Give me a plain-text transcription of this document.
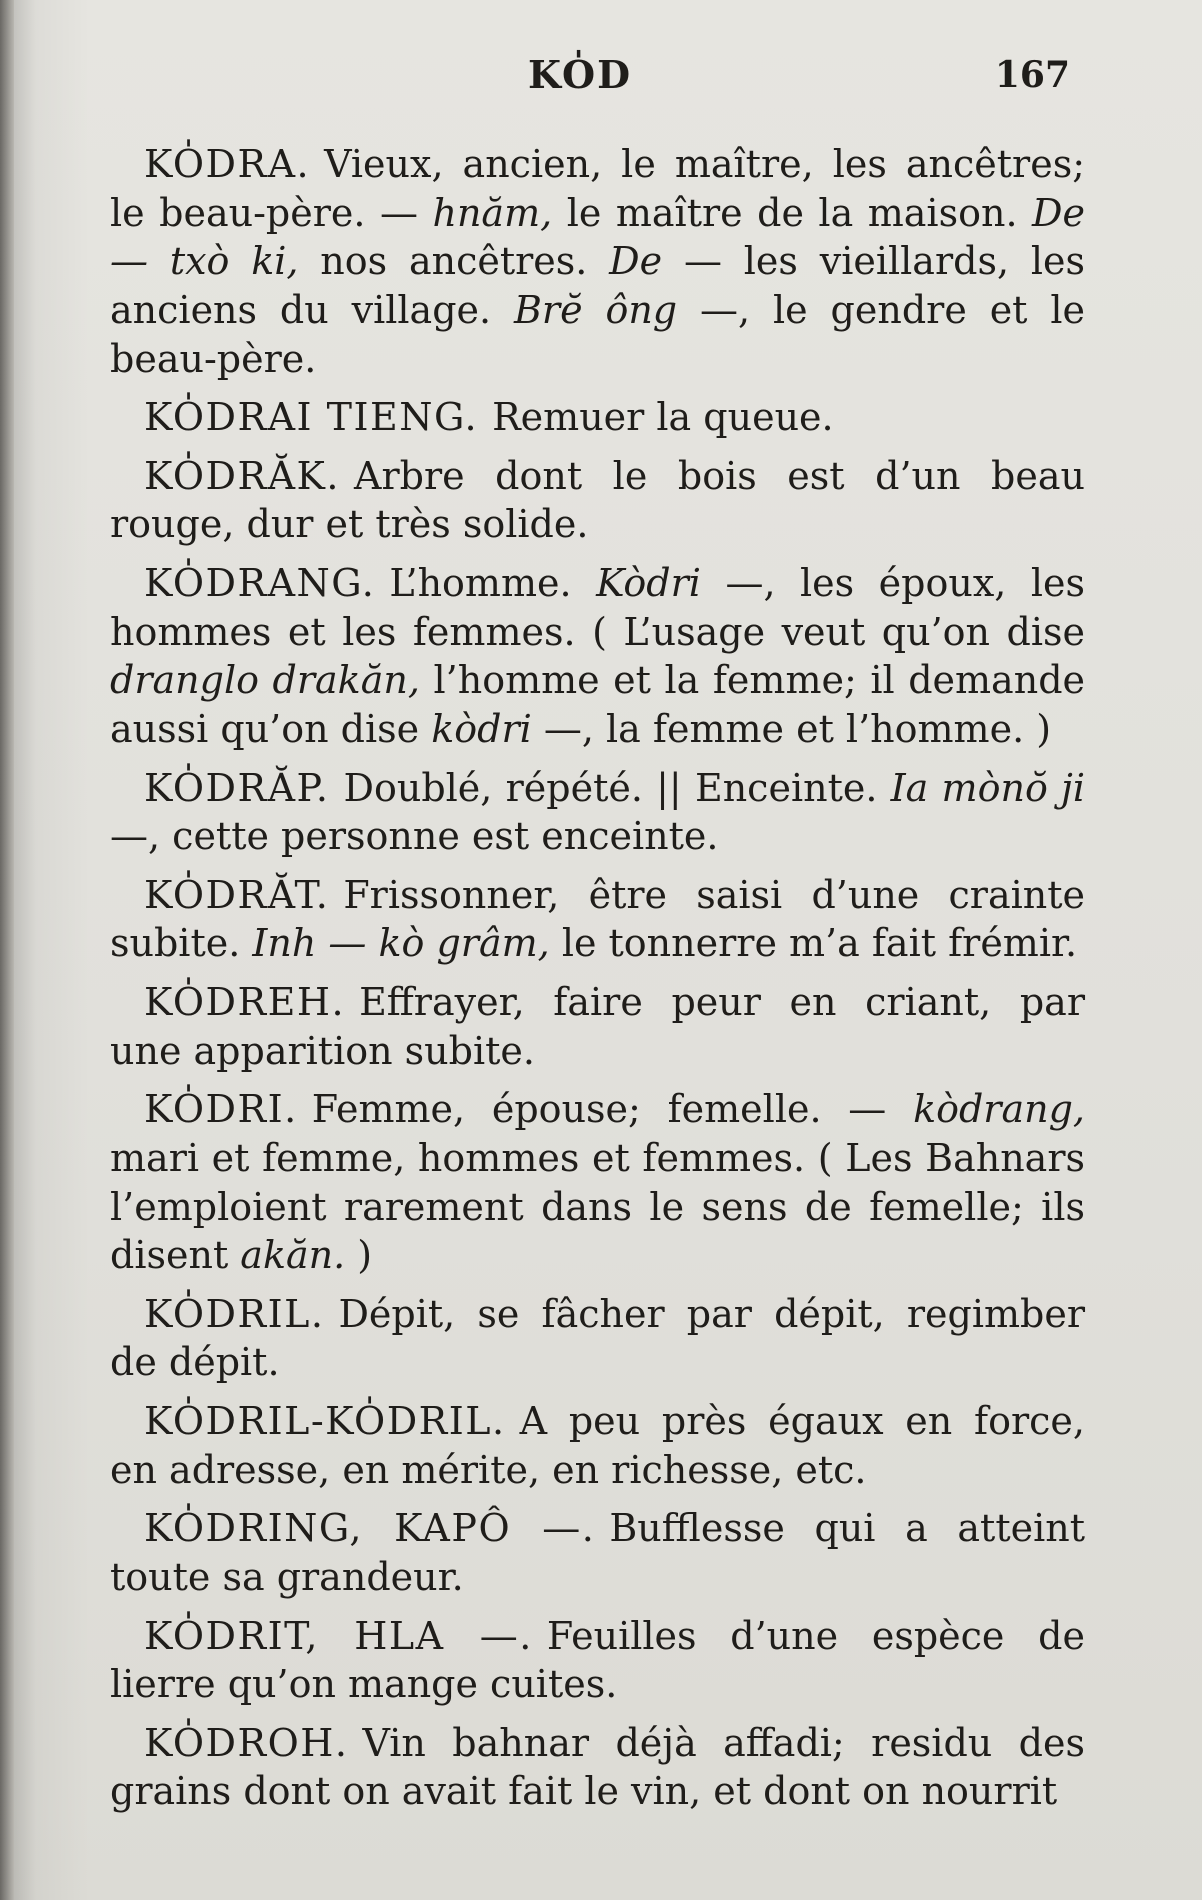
KO̍D	167

KO̍DRA. Vieux, ancien, le maître, les ancêtres; le beau-père. — hnăm, le maître de la maison. De — txò ki, nos ancêtres. De — les vieillards, les anciens du village. Brĕ ông —, le gendre et le beau-père.

KO̍DRAI TIENG. Remuer la queue.

KO̍DRĂK. Arbre dont le bois est d’un beau rouge, dur et très solide.

KO̍DRANG. L’homme. Kòdri —, les époux, les hommes et les femmes. ( L’usage veut qu’on dise dranglo drakăn, l’homme et la femme; il demande aussi qu’on dise kòdri —, la femme et l’homme. )

KO̍DRĂP. Doublé, répété. || Enceinte. Ia mònŏ ji —, cette personne est enceinte.

KO̍DRĂT. Frissonner, être saisi d’une crainte subite. Inh — kò grâm, le tonnerre m’a fait frémir.

KO̍DREH. Effrayer, faire peur en criant, par une apparition subite.

KO̍DRI. Femme, épouse; femelle. — kòdrang, mari et femme, hommes et femmes. ( Les Bahnars l’emploient rarement dans le sens de femelle; ils disent akăn. )

KO̍DRIL. Dépit, se fâcher par dépit, regimber de dépit.

KO̍DRIL-KO̍DRIL. A peu près égaux en force, en adresse, en mérite, en richesse, etc.

KO̍DRING, KAPÔ —. Bufflesse qui a atteint toute sa grandeur.

KO̍DRIT, HLA —. Feuilles d’une espèce de lierre qu’on mange cuites.

KO̍DROH. Vin bahnar déjà affadi; residu des grains dont on avait fait le vin, et dont on nourrit
